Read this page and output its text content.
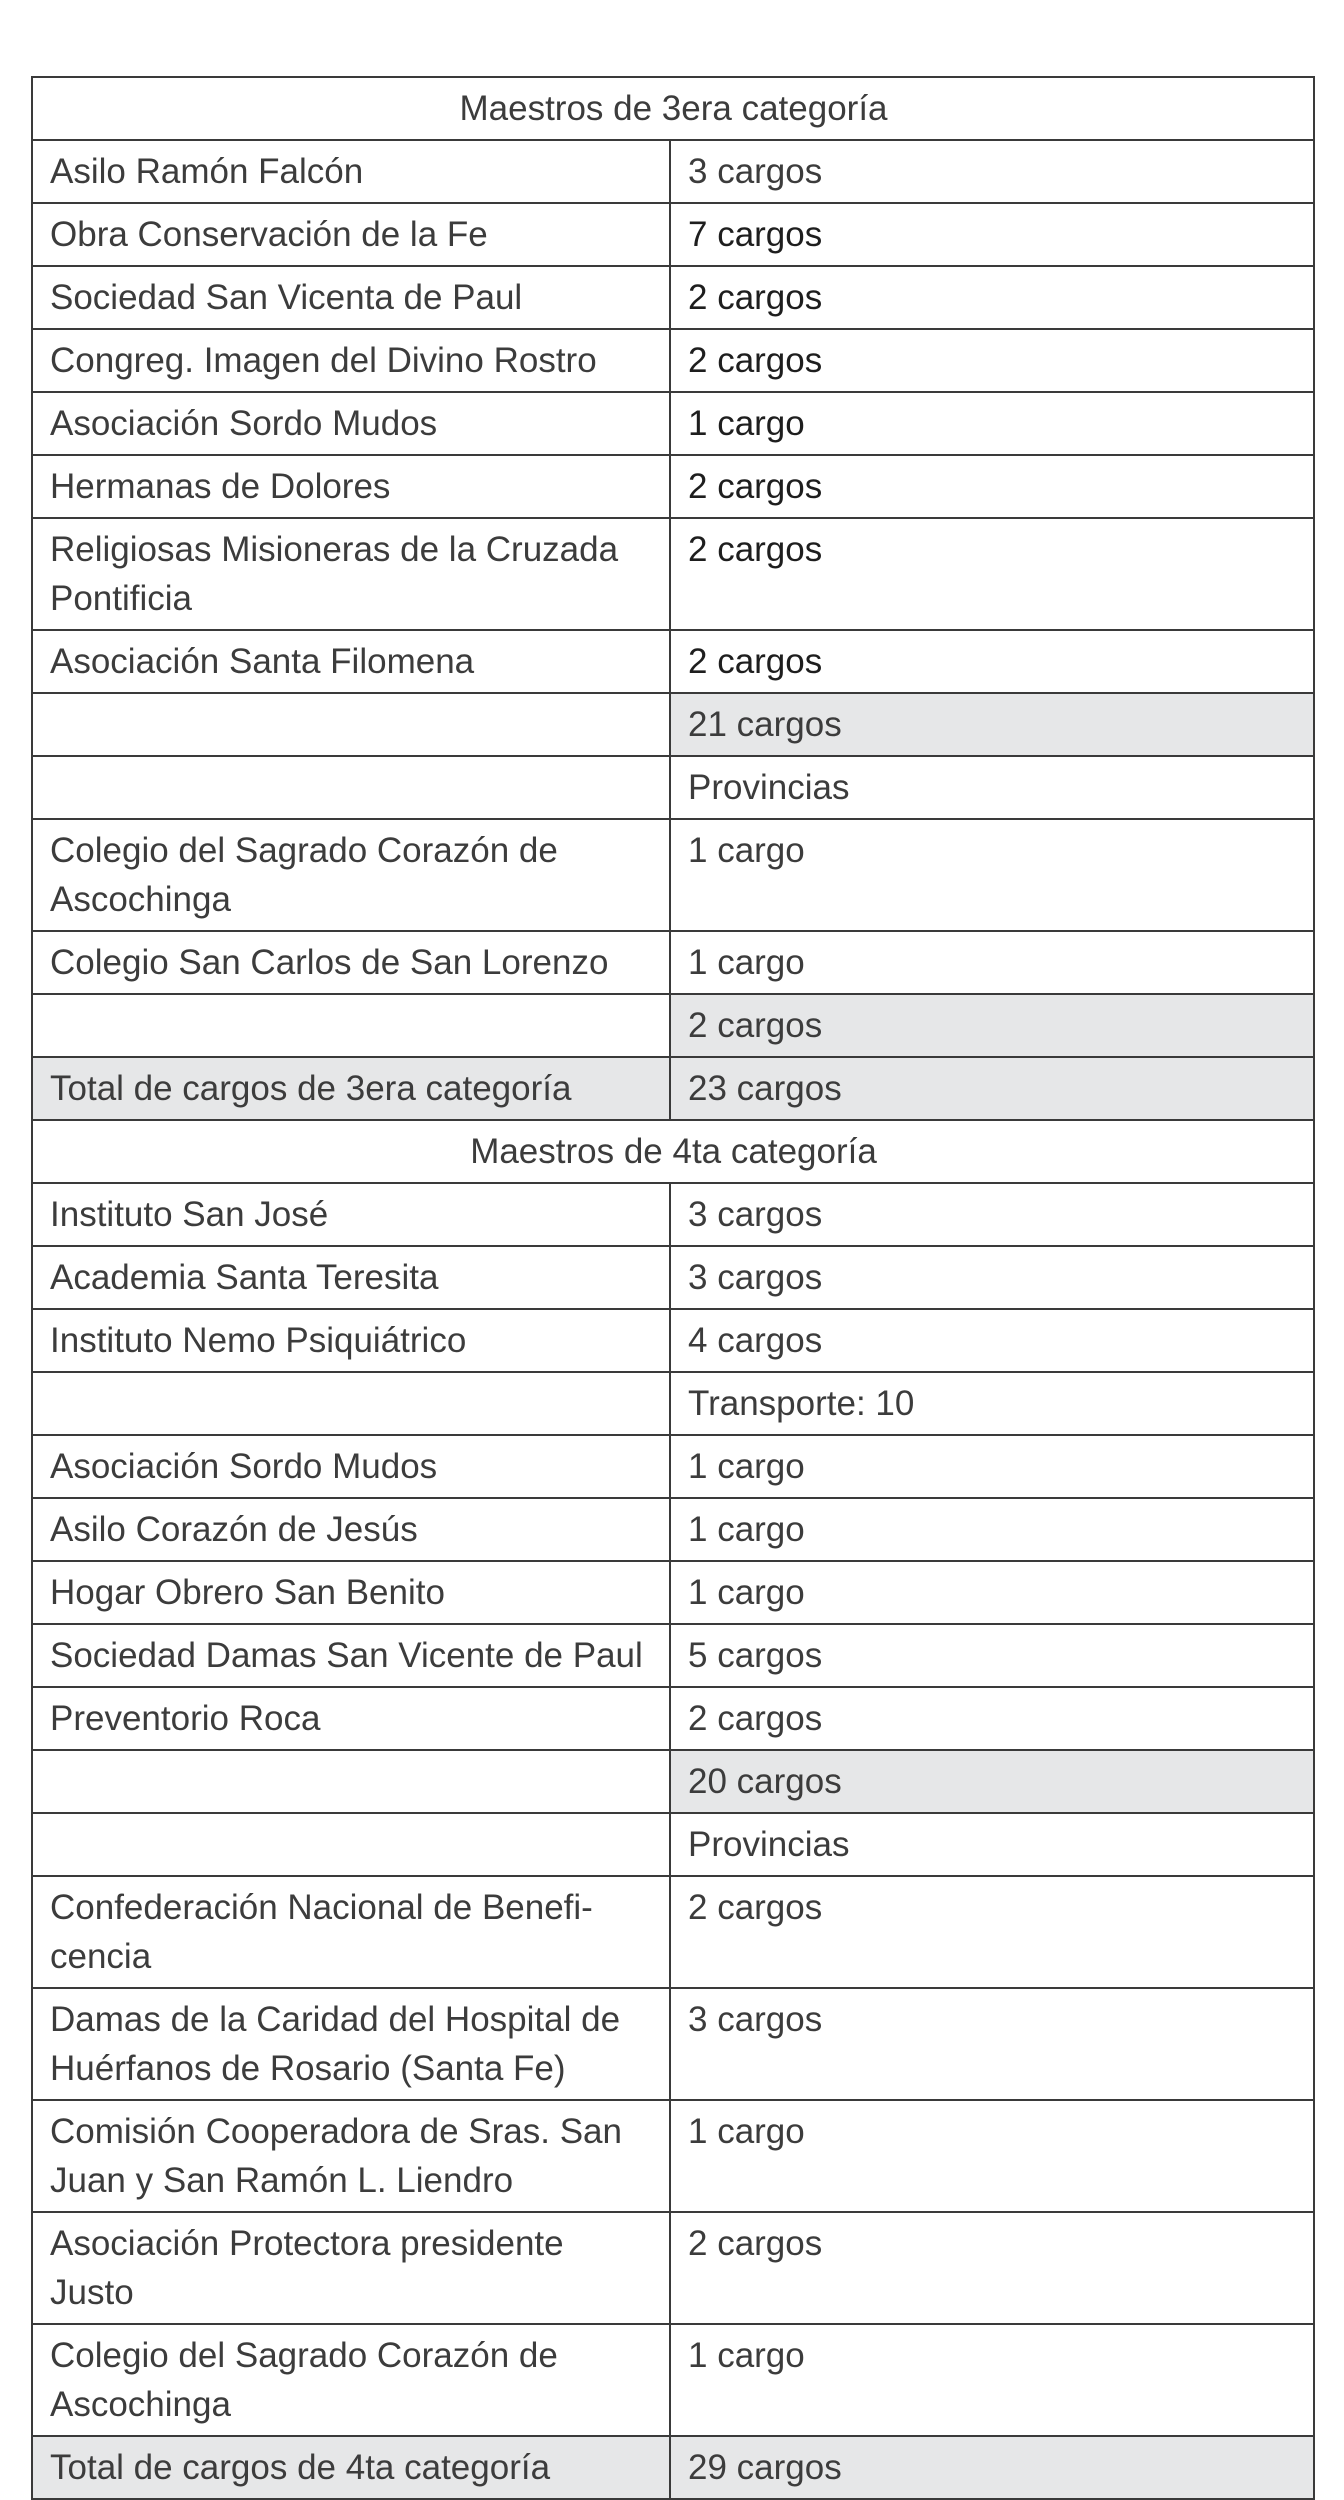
Maestros de 3era categoría	
Asilo Ramón Falcón	3 cargos
Obra Conservación de la Fe	7 cargos
Sociedad San Vicenta de Paul	2 cargos
Congreg. Imagen del Divino Rostro	2 cargos
Asociación Sordo Mudos	1 cargo
Hermanas de Dolores	2 cargos
Religiosas Misioneras de la Cruzada Pontificia	2 cargos
Asociación Santa Filomena	2 cargos
	21 cargos
	Provincias
Colegio del Sagrado Corazón de Ascochinga	1 cargo
Colegio San Carlos de San Lorenzo	1 cargo
	2 cargos
Total de cargos de 3era categoría	23 cargos
Maestros de 4ta categoría	
Instituto San José	3 cargos
Academia Santa Teresita	3 cargos
Instituto Nemo Psiquiátrico	4 cargos
	Transporte: 10
Asociación Sordo Mudos	1 cargo
Asilo Corazón de Jesús	1 cargo
Hogar Obrero San Benito	1 cargo
Sociedad Damas San Vicente de Paul	5 cargos
Preventorio Roca	2 cargos
	20 cargos
	Provincias
Confederación Nacional de Benefi-cencia	2 cargos
Damas de la Caridad del Hospital de Huérfanos de Rosario (Santa Fe)	3 cargos
Comisión Cooperadora de Sras. San Juan y San Ramón L. Liendro	1 cargo
Asociación Protectora presidente Justo	2 cargos
Colegio del Sagrado Corazón de Ascochinga	1 cargo
Total de cargos de 4ta categoría	29 cargos
